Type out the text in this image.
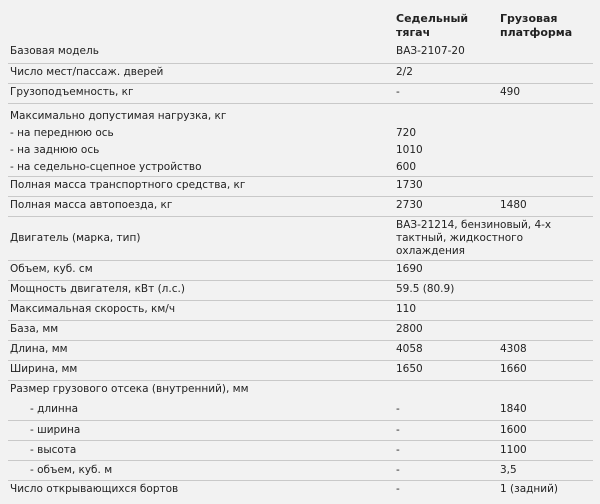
	Седельный тягач	Грузовая платформа
Базовая модель	ВАЗ-2107-20	
Число мест/пассаж. дверей	2/2	
Грузоподъемность, кг	-	490
Максимально допустимая нагрузка, кг		
- на переднюю ось	720	
- на заднюю ось	1010	
- на седельно-сцепное устройство	600	
Полная масса транспортного средства, кг	1730	
Полная масса автопоезда, кг	2730	1480
Двигатель (марка, тип)	ВАЗ-21214, бензиновый, 4-х тактный, жидкостного охлаждения	
Объем, куб. см	1690	
Мощность двигателя, кВт (л.с.)	59.5 (80.9)	
Максимальная скорость, км/ч	110	
База, мм	2800	
Длина, мм	4058	4308
Ширина, мм	1650	1660
Размер грузового отсека (внутренний), мм		
- длинна	-	1840
- ширина	-	1600
- высота	-	1100
- объем, куб. м	-	3,5
Число открывающихся бортов	-	1 (задний)
